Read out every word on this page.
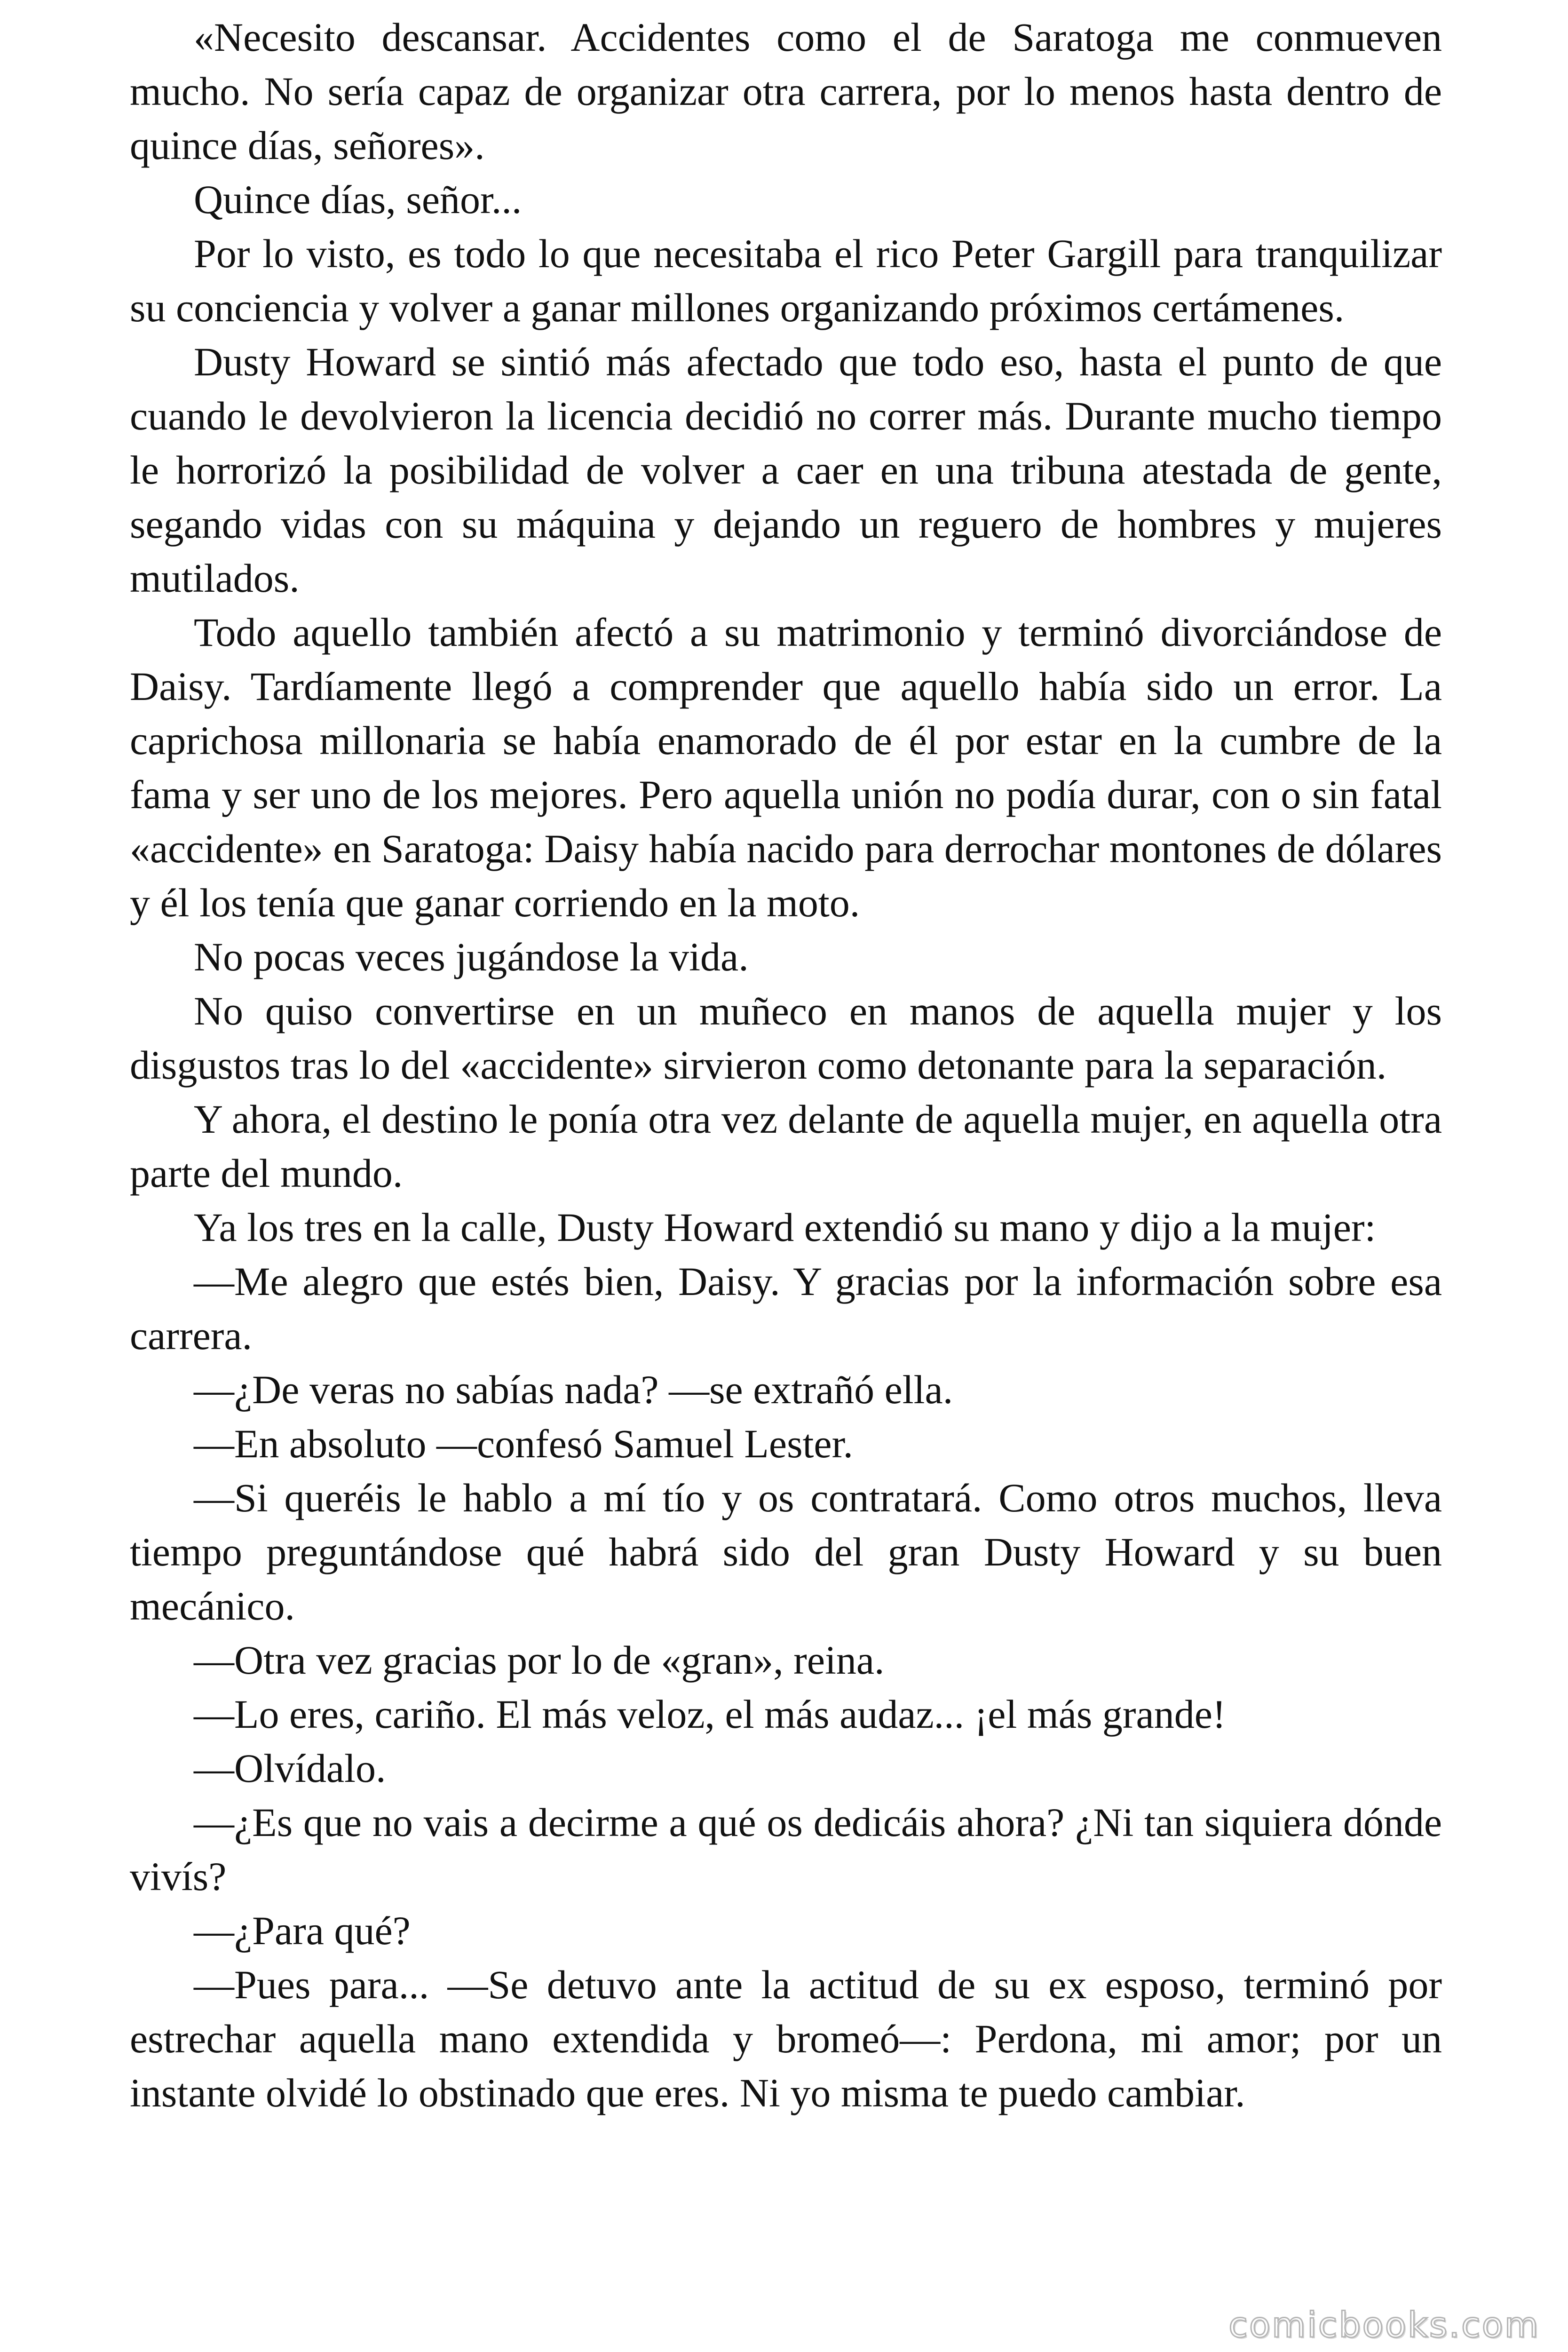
«Necesito descansar. Accidentes como el de Saratoga me conmueven mucho. No sería capaz de organizar otra carrera, por lo menos hasta dentro de quince días, señores».

Quince días, señor...

Por lo visto, es todo lo que necesitaba el rico Peter Gargill para tranquilizar su conciencia y volver a ganar millones organizando próximos certámenes.

Dusty Howard se sintió más afectado que todo eso, hasta el punto de que cuando le devolvieron la licencia decidió no correr más. Durante mucho tiempo le horrorizó la posibilidad de volver a caer en una tribuna atestada de gente, segando vidas con su máquina y dejando un reguero de hombres y mujeres mutilados.

Todo aquello también afectó a su matrimonio y terminó divorciándose de Daisy. Tardíamente llegó a comprender que aquello había sido un error. La caprichosa millonaria se había enamorado de él por estar en la cumbre de la fama y ser uno de los mejores. Pero aquella unión no podía durar, con o sin fatal «accidente» en Saratoga: Daisy había nacido para derrochar montones de dólares y él los tenía que ganar corriendo en la moto.

No pocas veces jugándose la vida.

No quiso convertirse en un muñeco en manos de aquella mujer y los disgustos tras lo del «accidente» sirvieron como detonante para la separación.

Y ahora, el destino le ponía otra vez delante de aquella mujer, en aquella otra parte del mundo.

Ya los tres en la calle, Dusty Howard extendió su mano y dijo a la mujer:

—Me alegro que estés bien, Daisy. Y gracias por la información sobre esa carrera.

—¿De veras no sabías nada? —se extrañó ella.

—En absoluto —confesó Samuel Lester.

—Si queréis le hablo a mí tío y os contratará. Como otros muchos, lleva tiempo preguntándose qué habrá sido del gran Dusty Howard y su buen mecánico.

—Otra vez gracias por lo de «gran», reina.

—Lo eres, cariño. El más veloz, el más audaz... ¡el más grande!

—Olvídalo.

—¿Es que no vais a decirme a qué os dedicáis ahora? ¿Ni tan siquiera dónde vivís?

—¿Para qué?

—Pues para... —Se detuvo ante la actitud de su ex esposo, terminó por estrechar aquella mano extendida y bromeó—: Perdona, mi amor; por un instante olvidé lo obstinado que eres. Ni yo misma te puedo cambiar.

comicbooks.com
